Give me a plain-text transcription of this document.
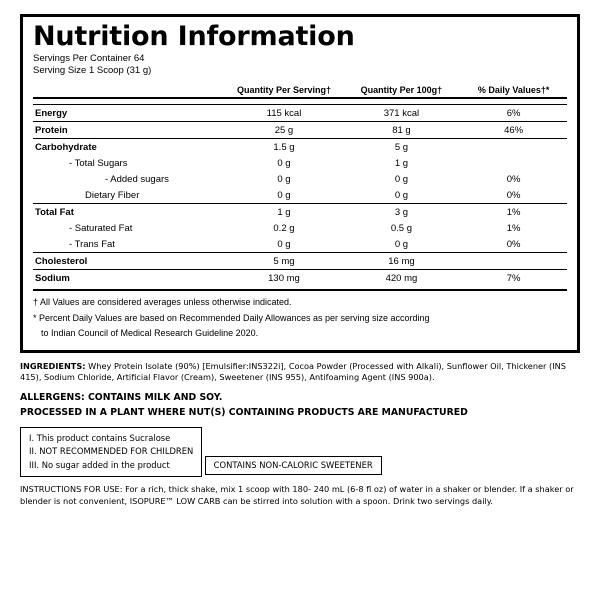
Nutrition Information
Servings Per Container 64
Serving Size 1 Scoop (31 g)
	Quantity Per Serving†	Quantity Per 100g†	% Daily Values†*

Energy	115 kcal	371 kcal	6%
Protein	25 g	81 g	46%
Carbohydrate	1.5 g	5 g	
- Total Sugars	0 g	1 g	
- Added sugars	0 g	0 g	0%
Dietary Fiber	0 g	0 g	0%
Total Fat	1 g	3 g	1%
- Saturated Fat	0.2 g	0.5 g	1%
- Trans Fat	0 g	0 g	0%
Cholesterol	5 mg	16 mg	
Sodium	130 mg	420 mg	7%

† All Values are considered averages unless otherwise indicated.

* Percent Daily Values are based on Recommended Daily Allowances as per serving size according

to Indian Council of Medical Research Guideline 2020.

INGREDIENTS: Whey Protein Isolate (90%) [Emulsifier:INS322i], Cocoa Powder (Processed with Alkali), Sunflower Oil, Thickener (INS 415), Sodium Chloride, Artificial Flavor (Cream), Sweetener (INS 955), Antifoaming Agent (INS 900a).
ALLERGENS: CONTAINS MILK AND SOY.
PROCESSED IN A PLANT WHERE NUT(S) CONTAINING PRODUCTS ARE MANUFACTURED
I. This product contains Sucralose
II. NOT RECOMMENDED FOR CHILDREN
III. No sugar added in the product	CONTAINS NON-CALORIC SWEETENER
INSTRUCTIONS FOR USE: For a rich, thick shake, mix 1 scoop with 180- 240 mL (6-8 fl oz) of water in a shaker or blender. If a shaker or blender is not convenient, ISOPURE™ LOW CARB can be stirred into solution with a spoon. Drink two servings daily.
